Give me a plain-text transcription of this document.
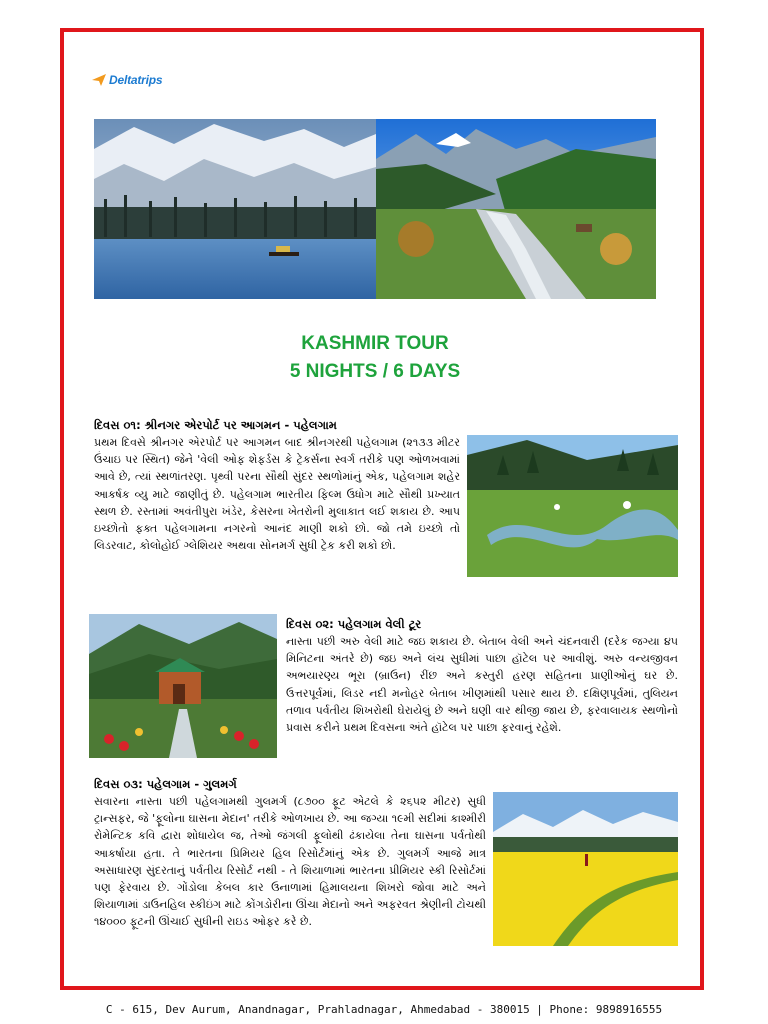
Deltatrips
KASHMIR TOUR
5 NIGHTS / 6 DAYS
દિવસ ૦૧: શ્રીનગર એરપોર્ટ પર આગમન - પહેલગામ

પ્રથમ દિવસે શ્રીનગર એરપોર્ટ પર આગમન બાદ શ્રીનગરથી પહેલગામ (૨૧૩૩ મીટર ઉંચાઇ પર સ્થિત) જેને 'વેલી ઓફ શેફર્ડસ કે ટ્રેકર્સના સ્વર્ગ તરીકે પણ ઓળખવામાં આવે છે, ત્યાં સ્થળાંતરણ. પૃથ્વી પરના સૌથી સુંદર સ્થળોમાંનું એક, પહેલગામ શહેર આકર્ષક વ્યુ માટે જાણીતું છે. પહેલગામ ભારતીય ફિલ્મ ઉધોગ માટે સૌથી પ્રખ્યાત સ્થળ છે. રસ્તામાં અવંતીપુરા ખંડેર, કેસરના ખેતરોની મુલાકાત લઈ શકાય છે. આપ ઇચ્છોતો ફક્ત પહેલગામના નગરનો આનંદ માણી શકો છો. જો તમે ઇચ્છો તો લિડરવાટ, કોલોહોઈ ગ્લેશિયર અથવા સોનમર્ગ સુધી ટ્રેક કરી શકો છો.

દિવસ ૦૨: પહેલગામ વેલી ટૂર

નાસ્તા પછી અરુ વેલી માટે જઇ શકાય છે. બેતાબ વેલી અને ચંદનવારી (દરેક જગ્યા ૪૫ મિનિટના અંતરે છે) જઇ અને લંચ સુધીમાં પાછા હૉટેલ પર આવીશું. અરુ વન્યજીવન અભયારણ્ય ભૂરા (બ્રાઉન) રીંછ અને કસ્તુરી હરણ સહિતના પ્રાણીઓનું ઘર છે. ઉત્તરપૂર્વમાં, લિડર નદી મનોહર બેતાબ ખીણમાંથી પસાર થાય છે. દક્ષિણપૂર્વમાં, તુલિયન તળાવ પર્વતીય શિખરોથી ઘેરાયેલું છે અને ઘણી વાર થીજી જાય છે, ફરવાલાયક સ્થળોનો પ્રવાસ કરીને પ્રથમ દિવસના અંતે હૉટેલ પર પાછા ફરવાનું રહેશે.

દિવસ ૦૩: પહેલગામ - ગુલમર્ગ

સવારના નાસ્તા પછી પહેલગામથી ગુલમર્ગ (૮૭૦૦ ફૂટ એટલે કે ૨૬૫૨ મીટર) સુધી ટ્રાન્સફર, જે 'ફૂલોના ઘાસના મેદાન' તરીકે ઓળખાય છે. આ જગ્યા ૧૯મી સદીમાં કાશ્મીરી રોમેન્ટિક કવિ દ્વારા શોધાયેલ જ, તેઓ જંગલી ફૂલોથી ઢંકાયેલા તેના ઘાસના પર્વતોથી આકર્ષાયા હતા. તે ભારતના પ્રિમિયર હિલ રિસોર્ટમાંનું એક છે. ગુલમર્ગ આજે માત્ર અસાધારણ સુંદરતાનું પર્વતીય રિસોર્ટ નથી - તે શિયાળામાં ભારતના પ્રીમિયર સ્કી રિસોર્ટમાં પણ ફેરવાય છે. ગોંડોલા કેબલ કાર ઉનાળામાં હિમાલયના શિખરો જોવા માટે અને શિયાળામાં ડાઉનહિલ સ્કીઇંગ માટે કોંગડોરીના ઊંચા મેદાનો અને અફરવત શ્રેણીની ટોચથી ૧૪૦૦૦ ફૂટની ઊંચાઈ સુધીની રાઇડ ઓફર કરે છે.

C - 615, Dev Aurum, Anandnagar, Prahladnagar, Ahmedabad - 380015 | Phone: 9898916555
